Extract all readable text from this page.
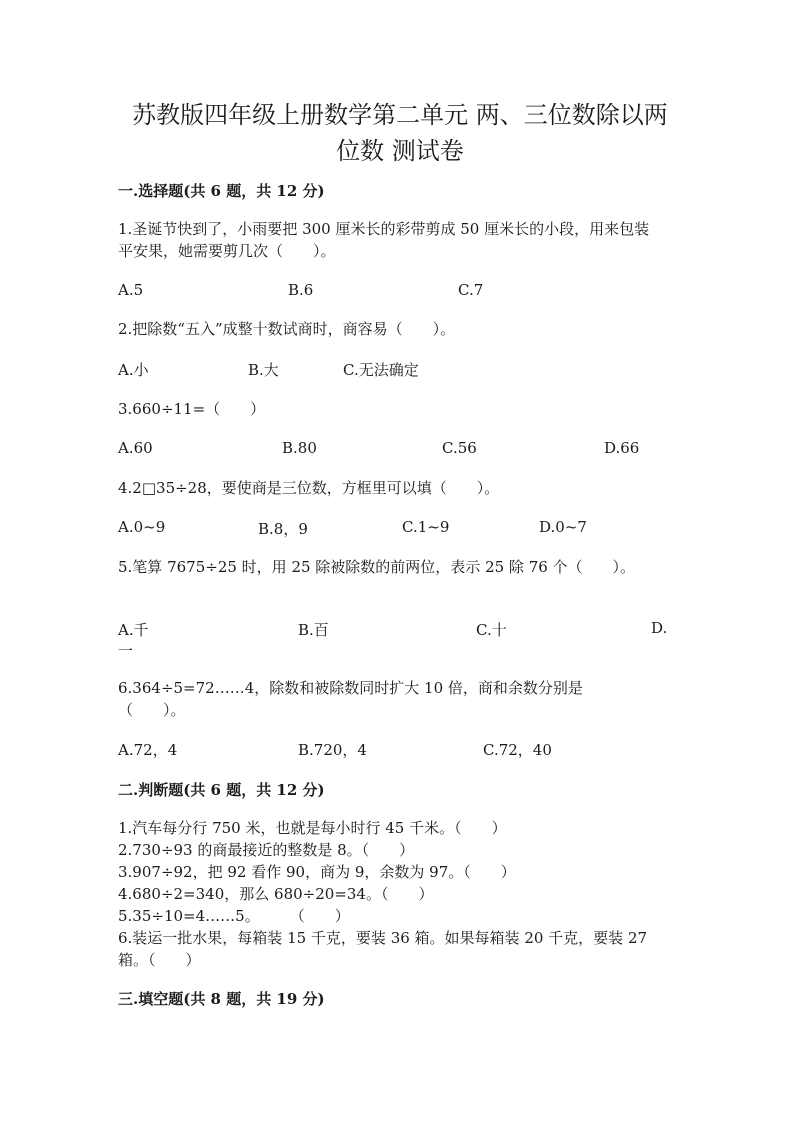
苏教版四年级上册数学第二单元 两、三位数除以两
位数 测试卷
一.选择题(共 6 题，共 12 分)
1.圣诞节快到了，小雨要把 300 厘米长的彩带剪成 50 厘米长的小段，用来包装
平安果，她需要剪几次（　　）。
A.5	B.6	C.7
2.把除数“五入”成整十数试商时，商容易（　　）。
A.小	B.大	C.无法确定
3.660÷11=（　　）
A.60	B.80	C.56	D.66
4.2□35÷28，要使商是三位数，方框里可以填（　　）。
A.0~9	B.8，9	C.1~9	D.0~7
5.笔算 7675÷25 时，用 25 除被除数的前两位，表示 25 除 76 个（　　）。
A.千	B.百	C.十	D.
一
6.364÷5=72……4，除数和被除数同时扩大 10 倍，商和余数分别是
（　　）。
A.72，4	B.720，4	C.72，40
二.判断题(共 6 题，共 12 分)
1.汽车每分行 750 米，也就是每小时行 45 千米。（　　）
2.730÷93 的商最接近的整数是 8。（　　）
3.907÷92，把 92 看作 90，商为 9，余数为 97。（　　）
4.680÷2=340，那么 680÷20=34。（　　）
5.35÷10=4……5。　　　（　　）
6.装运一批水果，每箱装 15 千克，要装 36 箱。如果每箱装 20 千克，要装 27
箱。（　　）
三.填空题(共 8 题，共 19 分)
